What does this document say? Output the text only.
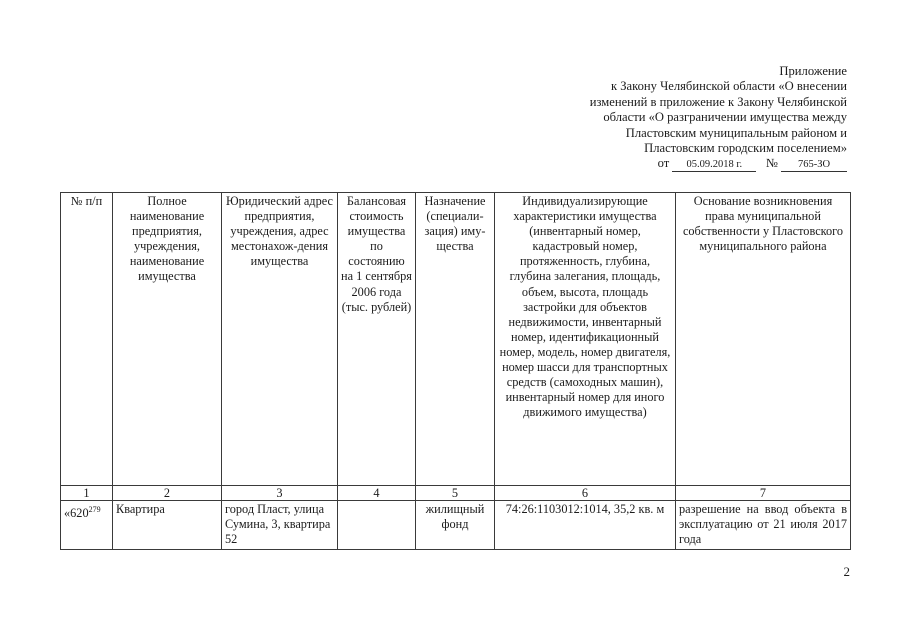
Приложение
к Закону Челябинской области «О внесении
изменений в приложение к Закону Челябинской
области «О разграничении имущества между
Пластовским муниципальным районом и
Пластовским городским поселением»
от 05.09.2018 г. № 765-ЗО
№ п/п	Полное наименование предприятия, учреждения, наименование имущества	Юридический адрес предприятия, учреждения, адрес местонахож-дения имущества	Балансовая стоимость имущества по состоянию на 1 сентября 2006 года (тыс. рублей)	Назначение (специали-зация) иму-щества	Индивидуализирующие характеристики имущества (инвентарный номер, кадастровый номер, протяженность, глубина, глубина залегания, площадь, объем, высота, площадь застройки для объектов недвижимости, инвентарный номер, идентификационный номер, модель, номер двигателя, номер шасси для транспортных средств (самоходных машин), инвентарный номер для иного движимого имущества)	Основание возникновения права муниципальной собственности у Пластовского муниципального района
1	2	3	4	5	6	7
«$620^{279}$	Квартира	город Пласт, улица Сумина, 3, квартира 52		жилищный фонд	74:26:1103012:1014, 35,2 кв. м	разрешение на ввод объекта в эксплуатацию от 21 июля 2017 года
2
